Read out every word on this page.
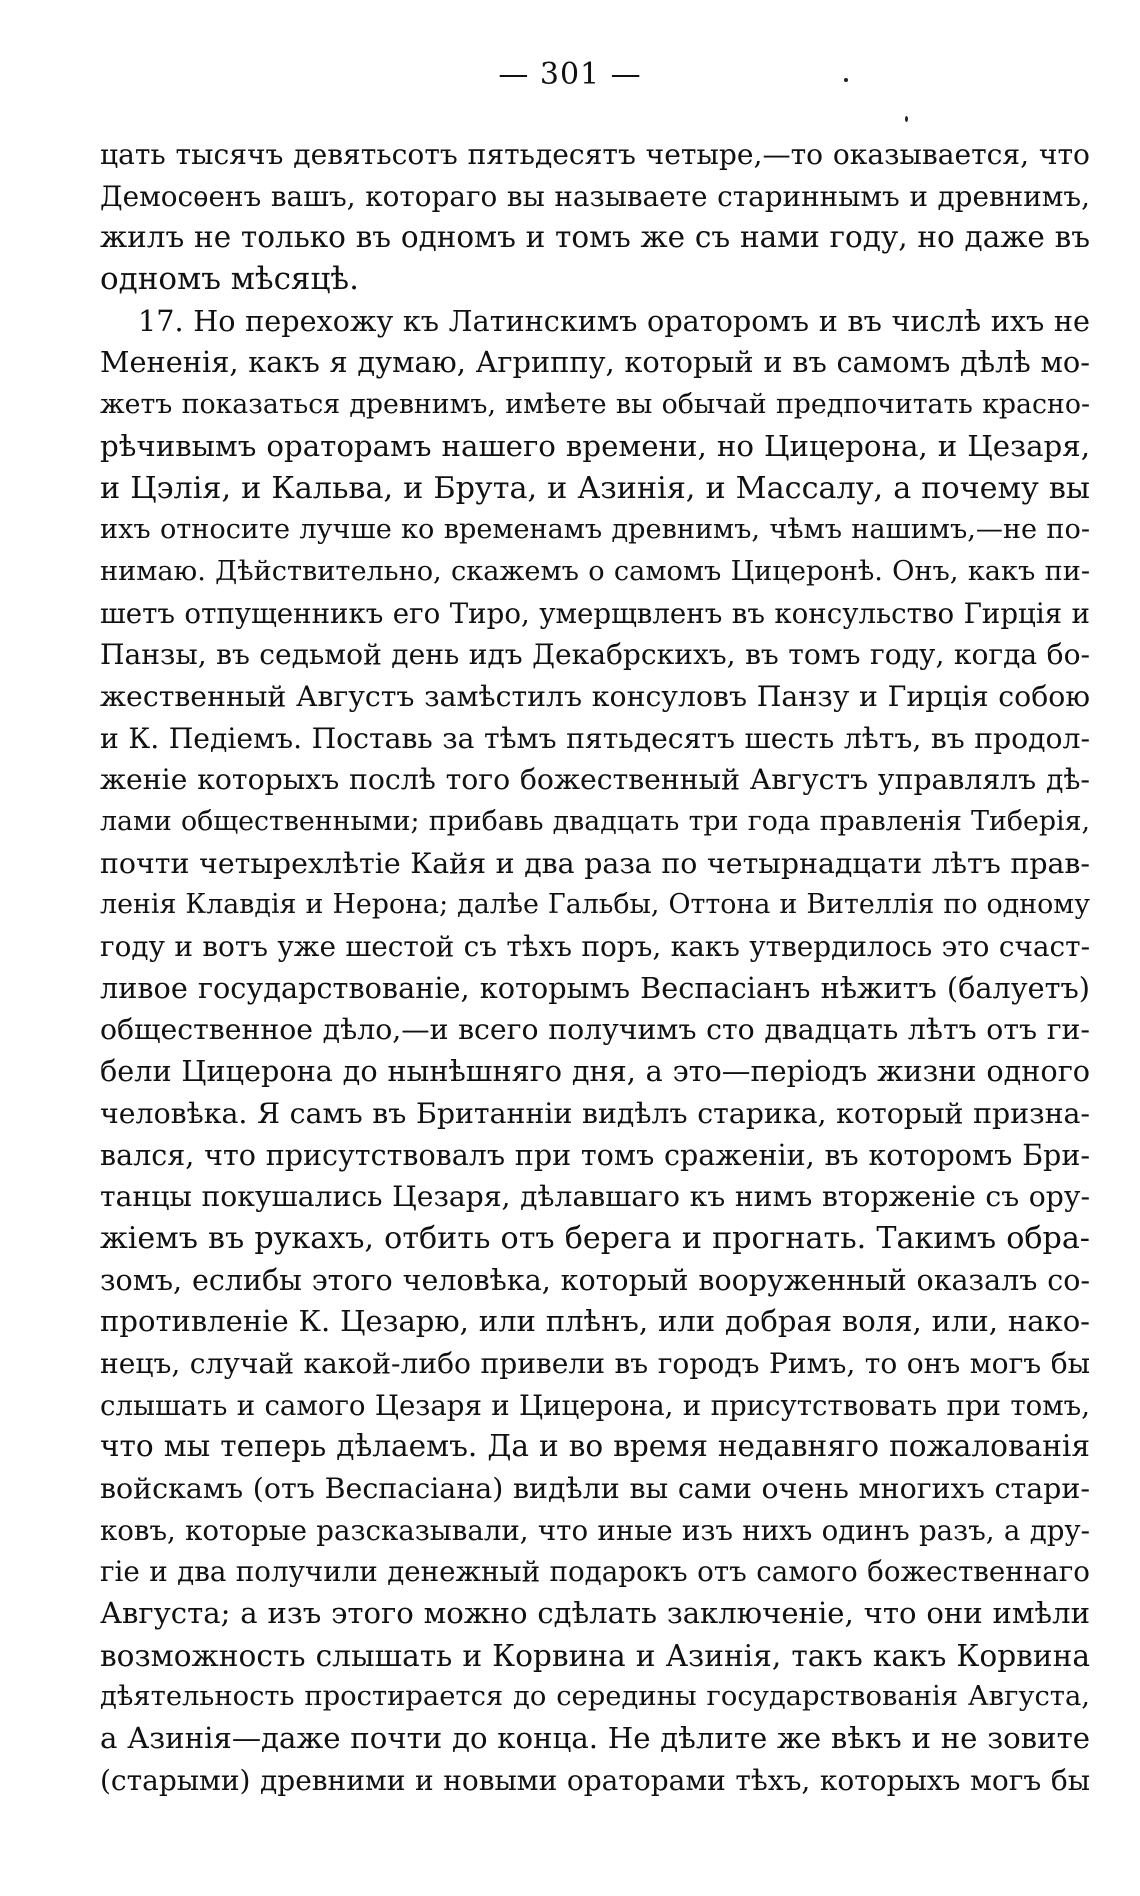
— 301 —
цать тысячъ девятьсотъ пятьдесятъ четыре,—то оказывается, что
Демосѳенъ вашъ, котораго вы называете стариннымъ и древнимъ,
жилъ не только въ одномъ и томъ же съ нами году, но даже въ
одномъ мѣсяцѣ.
17. Но перехожу къ Латинскимъ ораторомъ и въ числѣ ихъ не
Мененія, какъ я думаю, Агриппу, который и въ самомъ дѣлѣ мо-
жетъ показаться древнимъ, имѣете вы обычай предпочитать красно-
рѣчивымъ ораторамъ нашего времени, но Цицерона, и Цезаря,
и Цэлія, и Кальва, и Брута, и Азинія, и Массалу, а почему вы
ихъ относите лучше ко временамъ древнимъ, чѣмъ нашимъ,—не по-
нимаю. Дѣйствительно, скажемъ о самомъ Цицеронѣ. Онъ, какъ пи-
шетъ отпущенникъ его Тиро, умерщвленъ въ консульство Гирція и
Панзы, въ седьмой день идъ Декабрскихъ, въ томъ году, когда бо-
жественный Августъ замѣстилъ консуловъ Панзу и Гирція собою
и К. Педіемъ. Поставь за тѣмъ пятьдесятъ шесть лѣтъ, въ продол-
женіе которыхъ послѣ того божественный Августъ управлялъ дѣ-
лами общественными; прибавь двадцать три года правленія Тиберія,
почти четырехлѣтіе Кайя и два раза по четырнадцати лѣтъ прав-
ленія Клавдія и Нерона; далѣе Гальбы, Оттона и Вителлія по одному
году и вотъ уже шестой съ тѣхъ поръ, какъ утвердилось это счаст-
ливое государствованіе, которымъ Веспасіанъ нѣжитъ (балуетъ)
общественное дѣло,—и всего получимъ сто двадцать лѣтъ отъ ги-
бели Цицерона до нынѣшняго дня, а это—періодъ жизни одного
человѣка. Я самъ въ Британніи видѣлъ старика, который призна-
вался, что присутствовалъ при томъ сраженіи, въ которомъ Бри-
танцы покушались Цезаря, дѣлавшаго къ нимъ вторженіе съ ору-
жіемъ въ рукахъ, отбить отъ берега и прогнать. Такимъ обра-
зомъ, еслибы этого человѣка, который вооруженный оказалъ со-
противленіе К. Цезарю, или плѣнъ, или добрая воля, или, нако-
нецъ, случай какой-либо привели въ городъ Римъ, то онъ могъ бы
слышать и самого Цезаря и Цицерона, и присутствовать при томъ,
что мы теперь дѣлаемъ. Да и во время недавняго пожалованія
войскамъ (отъ Веспасіана) видѣли вы сами очень многихъ стари-
ковъ, которые разсказывали, что иные изъ нихъ одинъ разъ, а дру-
гіе и два получили денежный подарокъ отъ самого божественнаго
Августа; а изъ этого можно сдѣлать заключеніе, что они имѣли
возможность слышать и Корвина и Азинія, такъ какъ Корвина
дѣятельность простирается до середины государствованія Августа,
а Азинія—даже почти до конца. Не дѣлите же вѣкъ и не зовите
(старыми) древними и новыми ораторами тѣхъ, которыхъ могъ бы
